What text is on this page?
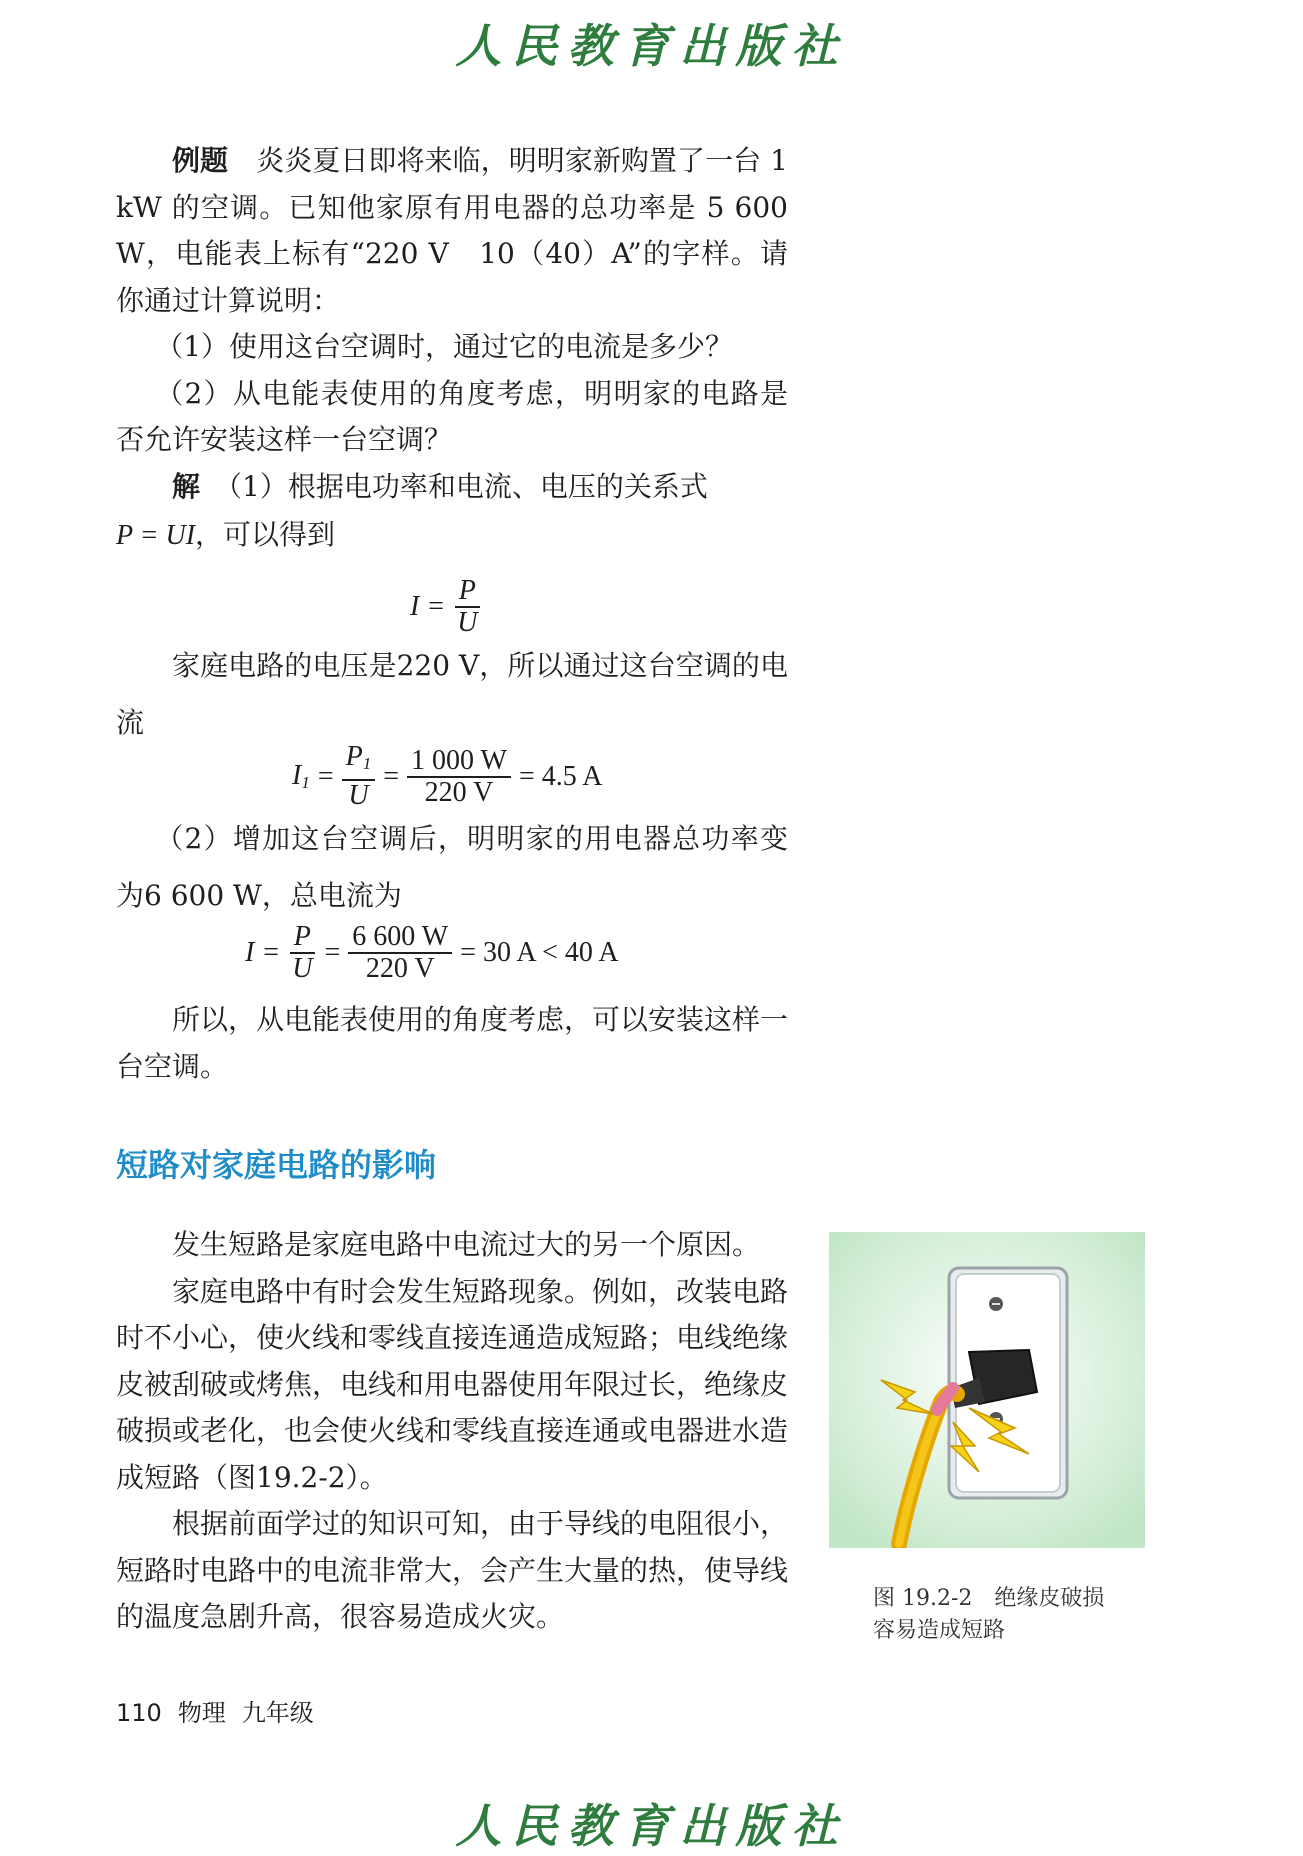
人民教育出版社

例题　 炎炎夏日即将来临，明明家新购置了一台 1 kW 的空调。已知他家原有用电器的总功率是 5 600 W，电能表上标有“220 V　10（40）A”的字样。请你通过计算说明：

（1）使用这台空调时，通过它的电流是多少？

（2）从电能表使用的角度考虑，明明家的电路是否允许安装这样一台空调？

解　 （1）根据电功率和电流、电压的关系式

P = UI，可以得到

$I = \frac{P}{U}$

家庭电路的电压是220 V，所以通过这台空调的电流

$I_1 = \frac{P_1}{U} = \frac{1 000 W}{220 V} = 4.5$ A

（2）增加这台空调后，明明家的用电器总功率变为6 600 W，总电流为

$I = \frac{P}{U} = \frac{6 600 W}{220 V} = 30$ A < 40 A

所以，从电能表使用的角度考虑，可以安装这样一台空调。

短路对家庭电路的影响

发生短路是家庭电路中电流过大的另一个原因。

家庭电路中有时会发生短路现象。例如，改装电路时不小心，使火线和零线直接连通造成短路；电线绝缘皮被刮破或烤焦，电线和用电器使用年限过长，绝缘皮破损或老化，也会使火线和零线直接连通或电器进水造成短路（图19.2-2）。

根据前面学过的知识可知，由于导线的电阻很小，短路时电路中的电流非常大，会产生大量的热，使导线的温度急剧升高，很容易造成火灾。

图 19.2-2　绝缘皮破损容易造成短路
110 物理 九年级
人民教育出版社
